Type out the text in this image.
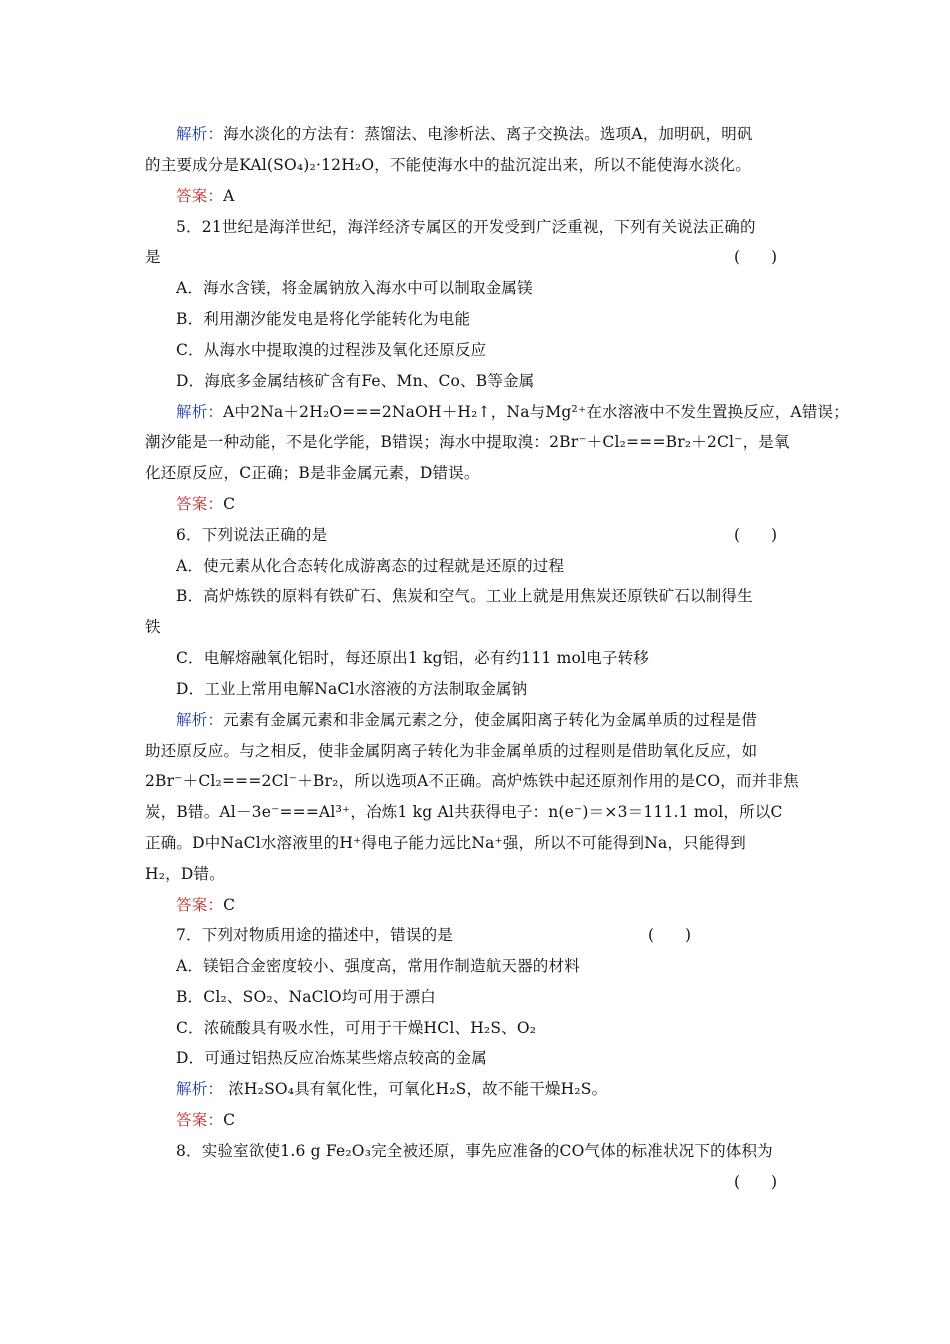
解析：海水淡化的方法有：蒸馏法、电渗析法、离子交换法。选项A，加明矾，明矾
的主要成分是KAl(SO₄)₂·12H₂O，不能使海水中的盐沉淀出来，所以不能使海水淡化。
答案：A
5．21世纪是海洋世纪，海洋经济专属区的开发受到广泛重视，下列有关说法正确的
是	(　　)
A．海水含镁，将金属钠放入海水中可以制取金属镁
B．利用潮汐能发电是将化学能转化为电能
C．从海水中提取溴的过程涉及氧化还原反应
D．海底多金属结核矿含有Fe、Mn、Co、B等金属
解析：A中2Na＋2H₂O===2NaOH＋H₂↑，Na与Mg²⁺在水溶液中不发生置换反应，A错误；
潮汐能是一种动能，不是化学能，B错误；海水中提取溴：2Br⁻＋Cl₂===Br₂＋2Cl⁻，是氧
化还原反应，C正确；B是非金属元素，D错误。
答案：C
6．下列说法正确的是	(　　)
A．使元素从化合态转化成游离态的过程就是还原的过程
B．高炉炼铁的原料有铁矿石、焦炭和空气。工业上就是用焦炭还原铁矿石以制得生
铁
C．电解熔融氧化铝时，每还原出1 kg铝，必有约111 mol电子转移
D．工业上常用电解NaCl水溶液的方法制取金属钠
解析：元素有金属元素和非金属元素之分，使金属阳离子转化为金属单质的过程是借
助还原反应。与之相反，使非金属阴离子转化为非金属单质的过程则是借助氧化反应，如
2Br⁻＋Cl₂===2Cl⁻＋Br₂，所以选项A不正确。高炉炼铁中起还原剂作用的是CO，而并非焦
炭，B错。Al－3e⁻===Al³⁺，冶炼1 kg Al共获得电子：n(e⁻)＝×3＝111.1 mol，所以C
正确。D中NaCl水溶液里的H⁺得电子能力远比Na⁺强，所以不可能得到Na，只能得到
H₂，D错。
答案：C
7．下列对物质用途的描述中，错误的是	(　　)
A．镁铝合金密度较小、强度高，常用作制造航天器的材料
B．Cl₂、SO₂、NaClO均可用于漂白
C．浓硫酸具有吸水性，可用于干燥HCl、H₂S、O₂
D．可通过铝热反应冶炼某些熔点较高的金属
解析： 浓H₂SO₄具有氧化性，可氧化H₂S，故不能干燥H₂S。
答案：C
8．实验室欲使1.6 g Fe₂O₃完全被还原，事先应准备的CO气体的标准状况下的体积为
(　　)
